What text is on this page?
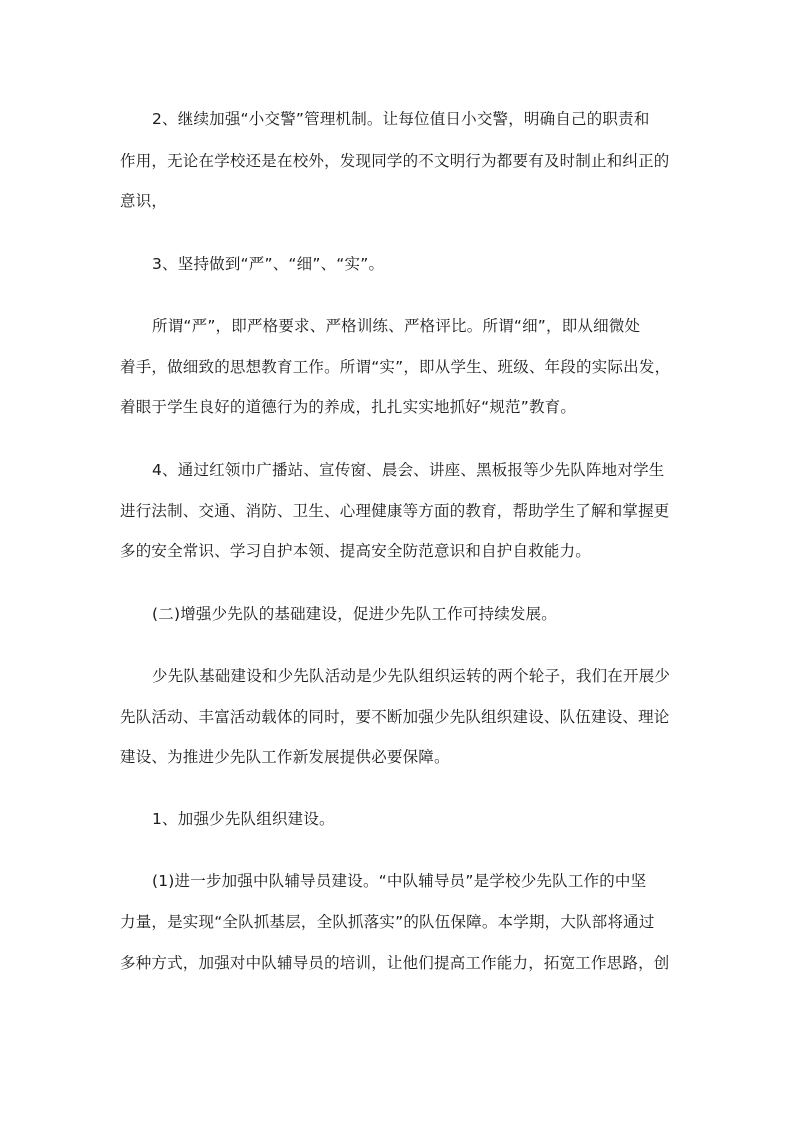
2、继续加强“小交警”管理机制。让每位值日小交警，明确自己的职责和
作用，无论在学校还是在校外，发现同学的不文明行为都要有及时制止和纠正的
意识，
3、坚持做到“严”、“细”、“实”。
所谓“严”，即严格要求、严格训练、严格评比。所谓“细”，即从细微处
着手，做细致的思想教育工作。所谓“实”，即从学生、班级、年段的实际出发，
着眼于学生良好的道德行为的养成，扎扎实实地抓好“规范”教育。
4、通过红领巾广播站、宣传窗、晨会、讲座、黑板报等少先队阵地对学生
进行法制、交通、消防、卫生、心理健康等方面的教育，帮助学生了解和掌握更
多的安全常识、学习自护本领、提高安全防范意识和自护自救能力。
(二)增强少先队的基础建设，促进少先队工作可持续发展。
少先队基础建设和少先队活动是少先队组织运转的两个轮子，我们在开展少
先队活动、丰富活动载体的同时，要不断加强少先队组织建设、队伍建设、理论
建设、为推进少先队工作新发展提供必要保障。
1、加强少先队组织建设。
(1)进一步加强中队辅导员建设。“中队辅导员”是学校少先队工作的中坚
力量，是实现“全队抓基层，全队抓落实”的队伍保障。本学期，大队部将通过
多种方式，加强对中队辅导员的培训，让他们提高工作能力，拓宽工作思路，创
